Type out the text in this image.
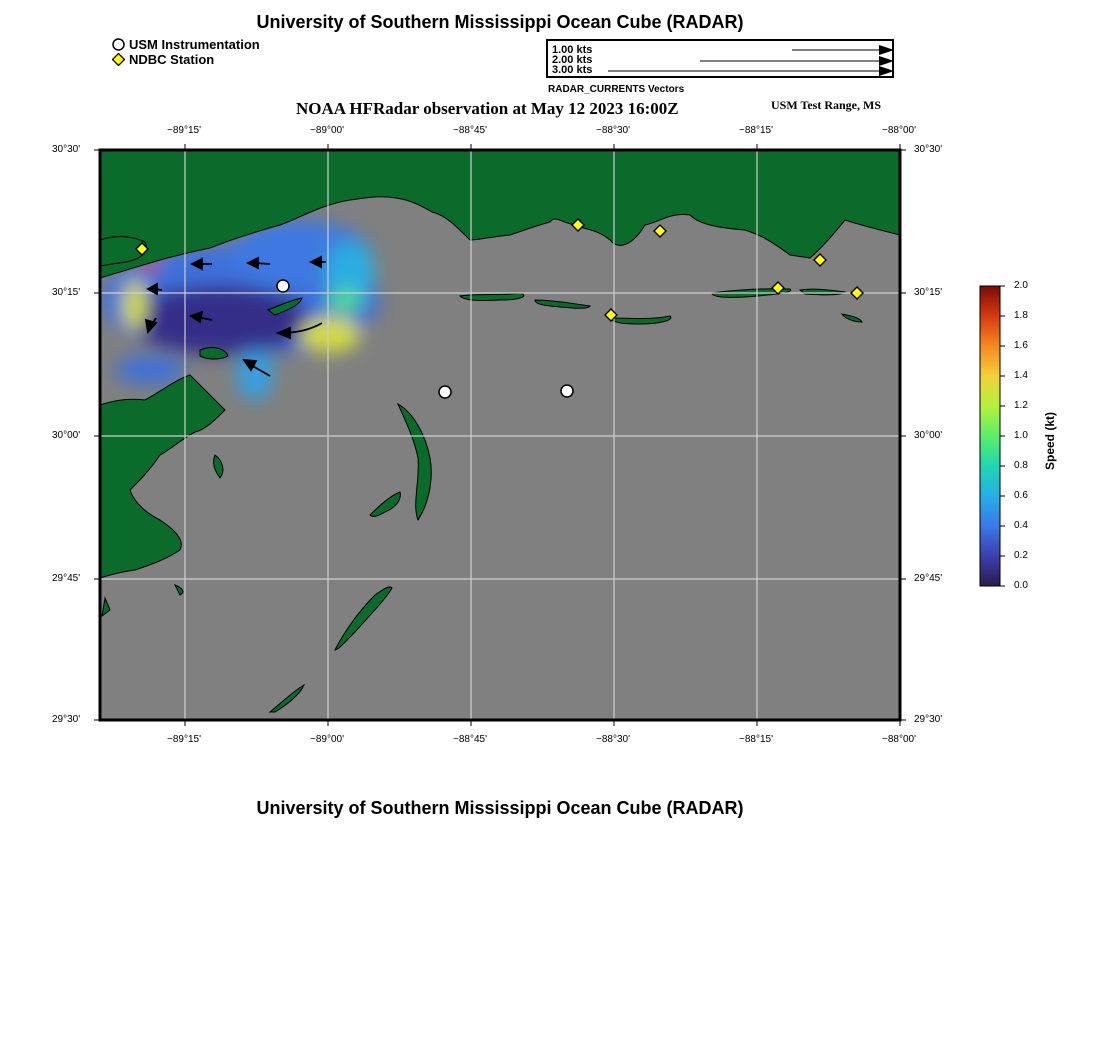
University of Southern Mississippi Ocean Cube (RADAR)
USM Instrumentation
NDBC Station
1.00 kts
2.00 kts
3.00 kts
RADAR_CURRENTS Vectors
NOAA HFRadar observation at May 12 2023 16:00Z	USM Test Range, MS
−89°15'	−89°00'	−88°45'	−88°30'	−88°15'	−88°00'
−89°15'	−89°00'	−88°45'	−88°30'	−88°15'	−88°00'
30°30'
30°15'
30°00'
29°45'
29°30'
30°30'
30°15'
30°00'
29°45'
29°30'
2.0
1.8
1.6
1.4
1.2
1.0
0.8
0.6
0.4
0.2
0.0
Speed (kt)
University of Southern Mississippi Ocean Cube (RADAR)
